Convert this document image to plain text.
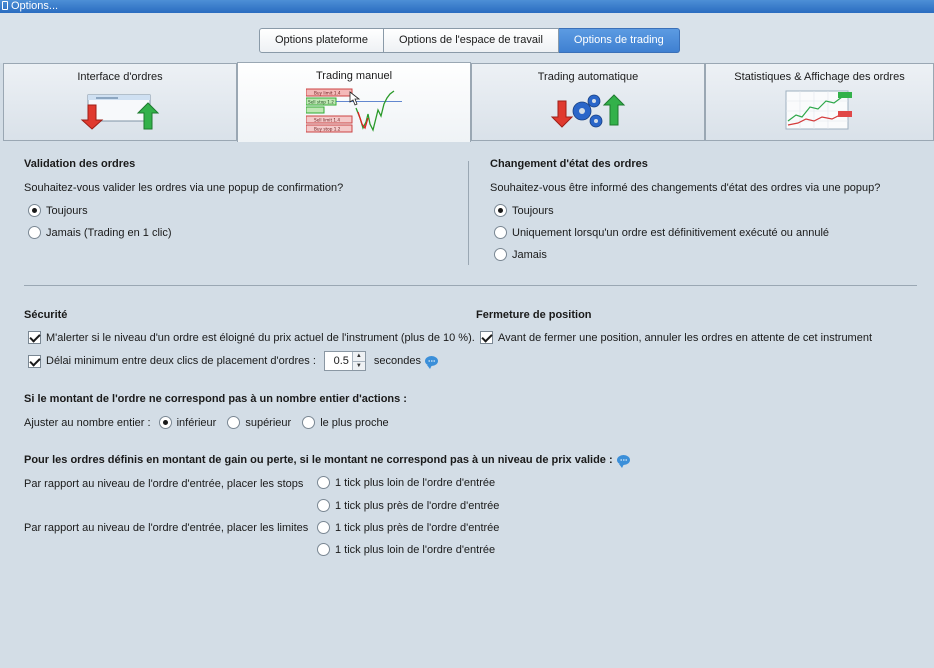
Options...
Options plateforme	Options de l'espace de travail	Options de trading
Interface d'ordres	Trading manuel
Buy limit 1.4
Sell stop 1.2
Sell limit 1.4
Buy stop 1.2
Trading automatique	Statistiques & Affichage des ordres
Validation des ordres
Souhaitez-vous valider les ordres via une popup de confirmation?
Toujours
Jamais (Trading en 1 clic)
Changement d'état des ordres
Souhaitez-vous être informé des changements d'état des ordres via une popup?
Toujours
Uniquement lorsqu'un ordre est définitivement exécuté ou annulé
Jamais
Sécurité
M'alerter si le niveau d'un ordre est éloigné du prix actuel de l'instrument (plus de 10 %).
Délai minimum entre deux clics de placement d'ordres :	0.5	▲
▼ secondes
Fermeture de position
Avant de fermer une position, annuler les ordres en attente de cet instrument
Si le montant de l'ordre ne correspond pas à un nombre entier d'actions :
Ajuster au nombre entier : inférieur	supérieur	le plus proche
Pour les ordres définis en montant de gain ou perte, si le montant ne correspond pas à un niveau de prix valide :
Par rapport au niveau de l'ordre d'entrée, placer les stops	1 tick plus loin de l'ordre d'entrée
1 tick plus près de l'ordre d'entrée
Par rapport au niveau de l'ordre d'entrée, placer les limites 1 tick plus près de l'ordre d'entrée
1 tick plus loin de l'ordre d'entrée
